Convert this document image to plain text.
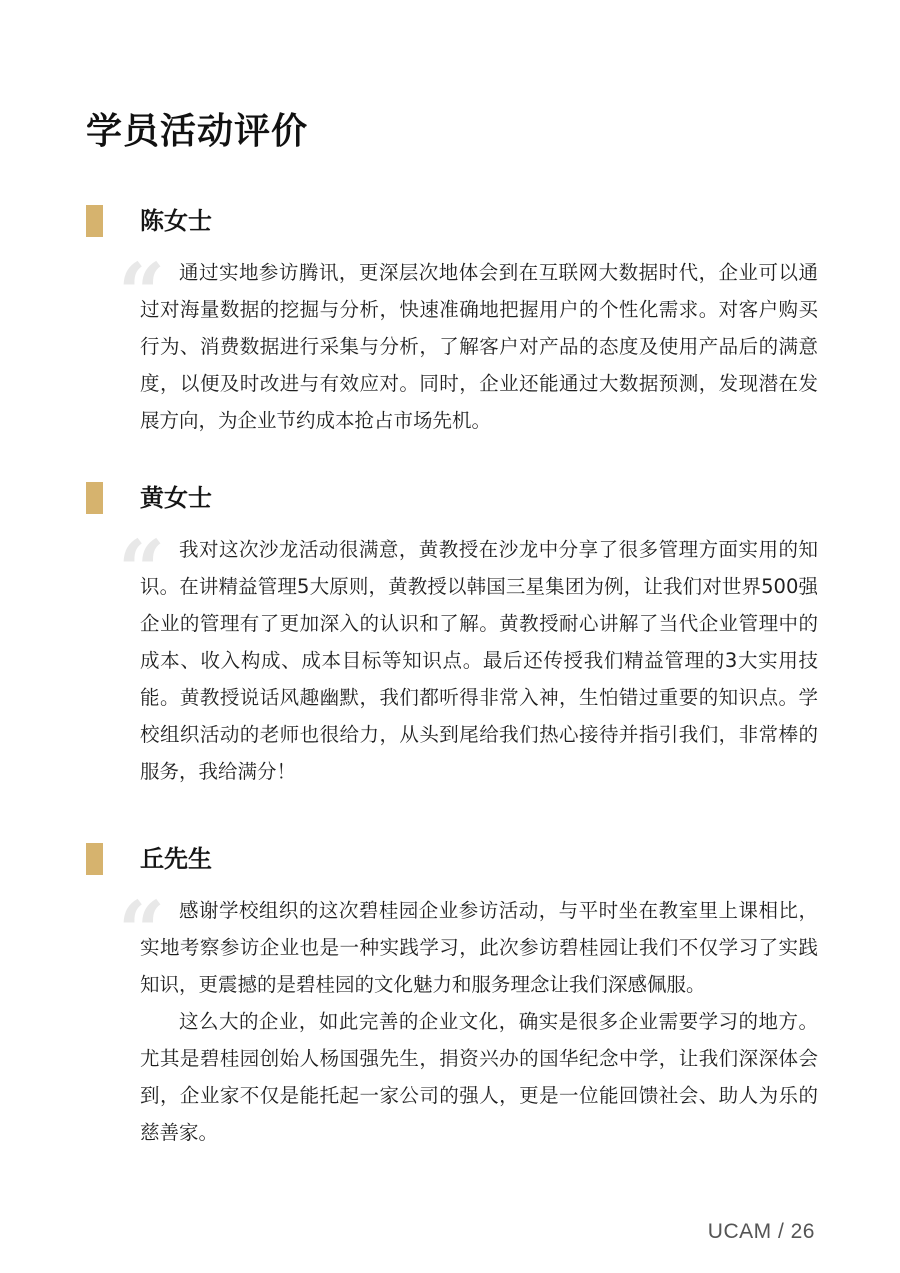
学员活动评价
陈女士
“	通过实地参访腾讯，更深层次地体会到在互联网大数据时代，企业可以通过对海量数据的挖掘与分析，快速准确地把握用户的个性化需求。对客户购买行为、消费数据进行采集与分析，了解客户对产品的态度及使用产品后的满意度，以便及时改进与有效应对。同时，企业还能通过大数据预测，发现潜在发展方向，为企业节约成本抢占市场先机。

黄女士
“	我对这次沙龙活动很满意，黄教授在沙龙中分享了很多管理方面实用的知识。在讲精益管理5大原则，黄教授以韩国三星集团为例，让我们对世界500强企业的管理有了更加深入的认识和了解。黄教授耐心讲解了当代企业管理中的成本、收入构成、成本目标等知识点。最后还传授我们精益管理的3大实用技能。黄教授说话风趣幽默，我们都听得非常入神，生怕错过重要的知识点。学校组织活动的老师也很给力，从头到尾给我们热心接待并指引我们，非常棒的服务，我给满分！

丘先生
“	感谢学校组织的这次碧桂园企业参访活动，与平时坐在教室里上课相比，实地考察参访企业也是一种实践学习，此次参访碧桂园让我们不仅学习了实践知识，更震撼的是碧桂园的文化魅力和服务理念让我们深感佩服。

这么大的企业，如此完善的企业文化，确实是很多企业需要学习的地方。尤其是碧桂园创始人杨国强先生，捐资兴办的国华纪念中学，让我们深深体会到，企业家不仅是能托起一家公司的强人，更是一位能回馈社会、助人为乐的慈善家。

UCAM / 26
